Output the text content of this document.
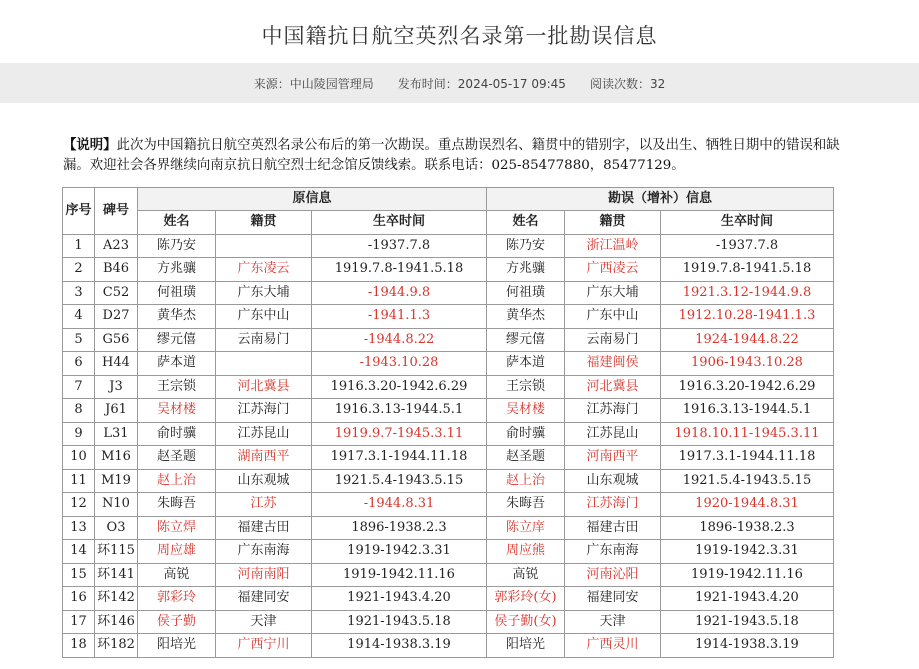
中国籍抗日航空英烈名录第一批勘误信息
来源：中山陵园管理局 发布时间：2024-05-17 09:45 阅读次数：32
【说明】此次为中国籍抗日航空英烈名录公布后的第一次勘误。重点勘误烈名、籍贯中的错别字，以及出生、牺牲日期中的错误和缺漏。欢迎社会各界继续向南京抗日航空烈士纪念馆反馈线索。联系电话：025-85477880，85477129。
序号	碑号	原信息			勘误（增补）信息		
		姓名	籍贯	生卒时间	姓名	籍贯	生卒时间
1	A23	陈乃安		-1937.7.8	陈乃安	浙江温岭	-1937.7.8
2	B46	方兆骧	广东凌云	1919.7.8-1941.5.18	方兆骧	广西凌云	1919.7.8-1941.5.18
3	C52	何祖璜	广东大埔	-1944.9.8	何祖璜	广东大埔	1921.3.12-1944.9.8
4	D27	黄华杰	广东中山	-1941.1.3	黄华杰	广东中山	1912.10.28-1941.1.3
5	G56	缪元僖	云南易门	-1944.8.22	缪元僖	云南易门	1924-1944.8.22
6	H44	萨本道		-1943.10.28	萨本道	福建闽侯	1906-1943.10.28
7	J3	王宗锁	河北冀县	1916.3.20-1942.6.29	王宗锁	河北冀县	1916.3.20-1942.6.29
8	J61	吴材楼	江苏海门	1916.3.13-1944.5.1	吴材楼	江苏海门	1916.3.13-1944.5.1
9	L31	俞时骥	江苏昆山	1919.9.7-1945.3.11	俞时骥	江苏昆山	1918.10.11-1945.3.11
10	M16	赵圣题	湖南西平	1917.3.1-1944.11.18	赵圣题	河南西平	1917.3.1-1944.11.18
11	M19	赵上治	山东观城	1921.5.4-1943.5.15	赵上治	山东观城	1921.5.4-1943.5.15
12	N10	朱晦吾	江苏	-1944.8.31	朱晦吾	江苏海门	1920-1944.8.31
13	O3	陈立焊	福建古田	1896-1938.2.3	陈立庠	福建古田	1896-1938.2.3
14	环115	周应雄	广东南海	1919-1942.3.31	周应熊	广东南海	1919-1942.3.31
15	环141	高锐	河南南阳	1919-1942.11.16	高锐	河南沁阳	1919-1942.11.16
16	环142	郭彩玲	福建同安	1921-1943.4.20	郭彩玲(女)	福建同安	1921-1943.4.20
17	环146	侯子勤	天津	1921-1943.5.18	侯子勤(女)	天津	1921-1943.5.18
18	环182	阳培光	广西宁川	1914-1938.3.19	阳培光	广西灵川	1914-1938.3.19
